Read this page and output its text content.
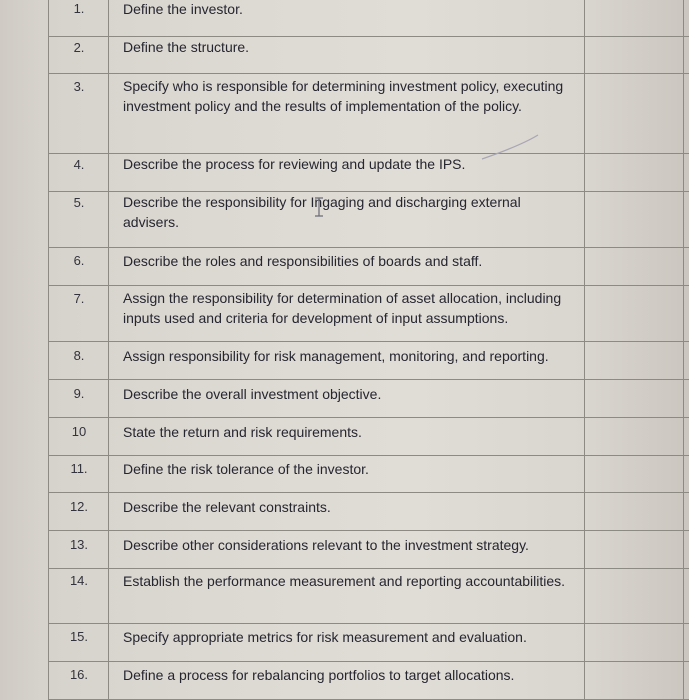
1.	Define the investor.
2.	Define the structure.
3.	Specify who is responsible for determining investment policy, executing investment policy and the results of implementation of the policy.
4.	Describe the process for reviewing and update the IPS.
5.	Describe the responsibility for Ingaging and discharging external advisers.
6.	Describe the roles and responsibilities of boards and staff.
7.	Assign the responsibility for determination of asset allocation, including inputs used and criteria for development of input assumptions.
8.	Assign responsibility for risk management, monitoring, and reporting.
9.	Describe the overall investment objective.
10	State the return and risk requirements.
11.	Define the risk tolerance of the investor.
12.	Describe the relevant constraints.
13.	Describe other considerations relevant to the investment strategy.
14.	Establish the performance measurement and reporting accountabilities.
15.	Specify appropriate metrics for risk measurement and evaluation.
16.	Define a process for rebalancing portfolios to target allocations.
